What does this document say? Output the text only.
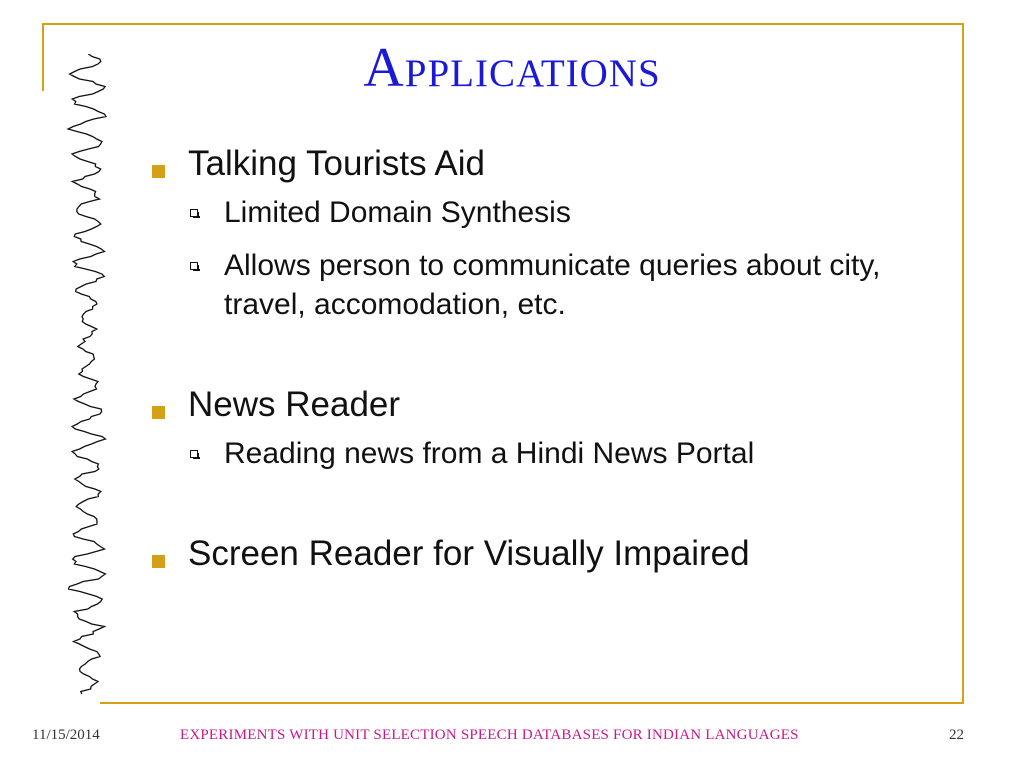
Applications
Talking Tourists Aid
Limited Domain Synthesis
Allows person to communicate queries about city, travel, accomodation, etc.
News Reader
Reading news from a Hindi News Portal
Screen Reader for Visually Impaired
11/15/2014	EXPERIMENTS WITH UNIT SELECTION SPEECH DATABASES FOR INDIAN LANGUAGES	22
